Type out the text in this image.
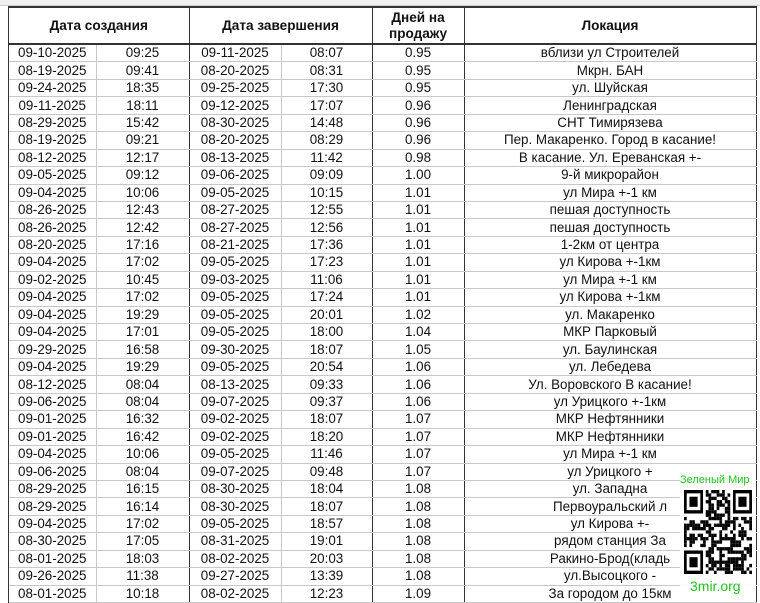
Дата создания		Дата завершения		Дней на продажу	Локация
09-10-2025	09:25	09-11-2025	08:07	0.95	вблизи ул Строителей
08-19-2025	09:41	08-20-2025	08:31	0.95	Мкрн. БАН
09-24-2025	18:35	09-25-2025	17:30	0.95	ул. Шуйская
09-11-2025	18:11	09-12-2025	17:07	0.96	Ленинградская
08-29-2025	15:42	08-30-2025	14:48	0.96	СНТ Тимирязева
08-19-2025	09:21	08-20-2025	08:29	0.96	Пер. Макаренко. Город в касание!
08-12-2025	12:17	08-13-2025	11:42	0.98	В касание. Ул. Ереванская +-
09-05-2025	09:12	09-06-2025	09:09	1.00	9-й микрорайон
09-04-2025	10:06	09-05-2025	10:15	1.01	ул Мира +-1 км
08-26-2025	12:43	08-27-2025	12:55	1.01	пешая доступность
08-26-2025	12:42	08-27-2025	12:56	1.01	пешая доступность
08-20-2025	17:16	08-21-2025	17:36	1.01	1-2км от центра
09-04-2025	17:02	09-05-2025	17:23	1.01	ул Кирова +-1км
09-02-2025	10:45	09-03-2025	11:06	1.01	ул Мира +-1 км
09-04-2025	17:02	09-05-2025	17:24	1.01	ул Кирова +-1км
09-04-2025	19:29	09-05-2025	20:01	1.02	ул. Макаренко
09-04-2025	17:01	09-05-2025	18:00	1.04	МКР Парковый
09-29-2025	16:58	09-30-2025	18:07	1.05	ул. Баулинская
09-04-2025	19:29	09-05-2025	20:54	1.06	ул. Лебедева
08-12-2025	08:04	08-13-2025	09:33	1.06	Ул. Воровского В касание!
09-06-2025	08:04	09-07-2025	09:37	1.06	ул Урицкого +-1км
09-01-2025	16:32	09-02-2025	18:07	1.07	МКР Нефтянники
09-01-2025	16:42	09-02-2025	18:20	1.07	МКР Нефтянники
09-04-2025	10:06	09-05-2025	11:46	1.07	ул Мира +-1 км
09-06-2025	08:04	09-07-2025	09:48	1.07	ул Урицкого +
08-29-2025	16:15	08-30-2025	18:04	1.08	ул. Западна
08-29-2025	16:14	08-30-2025	18:07	1.08	Первоуральский л
09-04-2025	17:02	09-05-2025	18:57	1.08	ул Кирова +-
08-30-2025	17:05	08-31-2025	19:01	1.08	рядом станция За
08-01-2025	18:03	08-02-2025	20:03	1.08	Ракино-Брод(кладь
09-26-2025	11:38	09-27-2025	13:39	1.08	ул.Высоцкого -
08-01-2025	10:18	08-02-2025	12:23	1.09	За городом до 15км
Зеленый Мир
3mir.org
